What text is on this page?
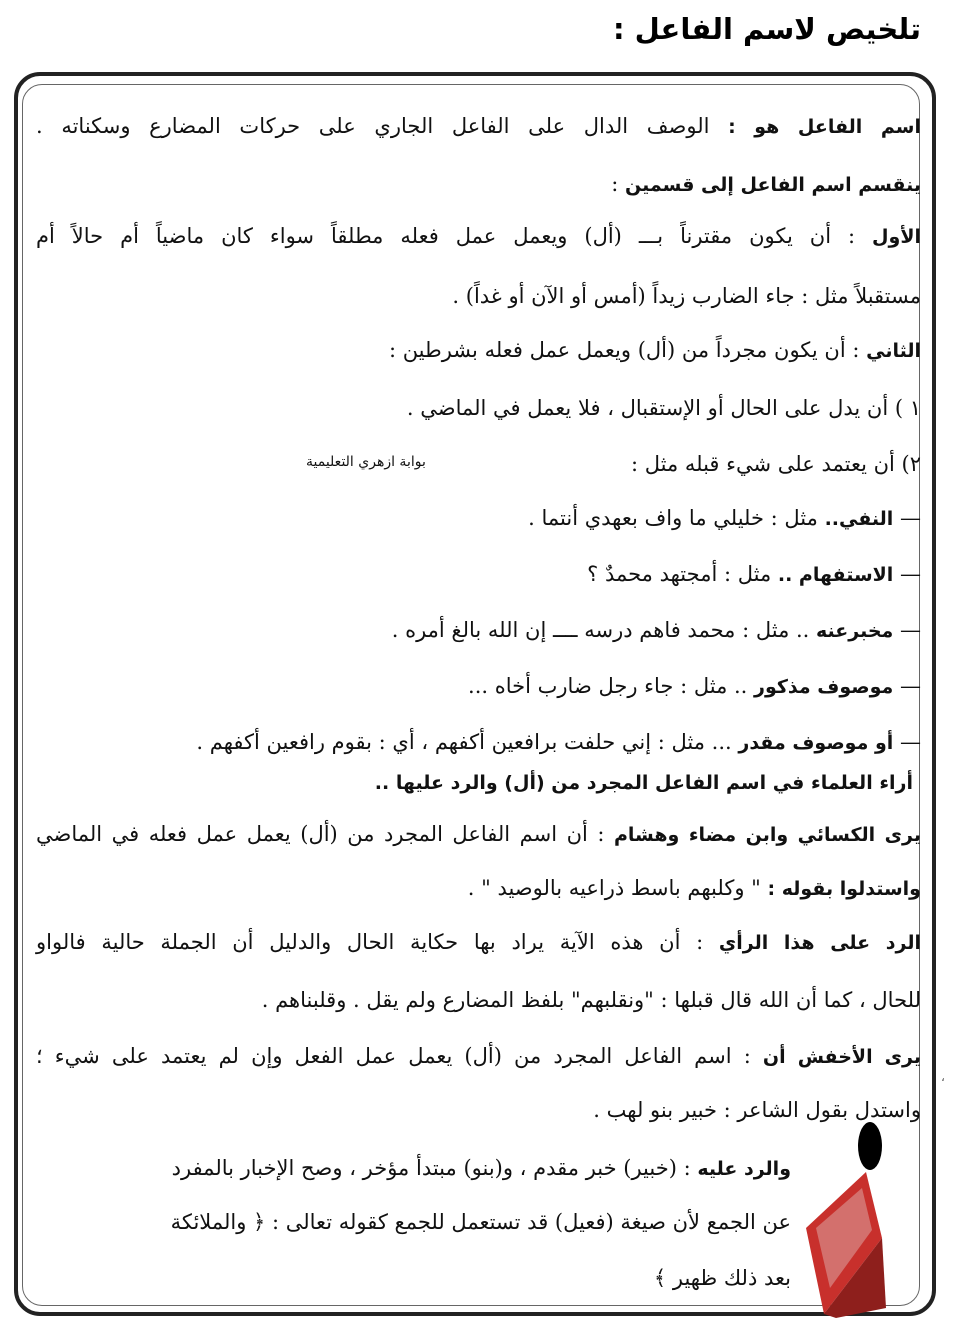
تلخيص لاسم الفاعل :
اسم الفاعل هو : الوصف الدال على الفاعل الجاري على حركات المضارع وسكناته .
ينقسم اسم الفاعل إلى قسمين :
الأول : أن يكون مقترناً بـــ (أل) ويعمل عمل فعله مطلقاً سواء كان ماضياً أم حالاً أم
مستقبلاً مثل : جاء الضارب زيداً (أمس أو الآن أو غداً) .
الثاني : أن يكون مجرداً من (أل) ويعمل عمل فعله بشرطين :
١ ) أن يدل على الحال أو الإستقبال ، فلا يعمل في الماضي .
٢) أن يعتمد على شيء قبله مثل :
بوابة ازهري التعليمية
— النفي.. مثل : خليلي ما واف بعهدي أنتما .
— الاستفهام .. مثل : أمجتهد محمدٌ ؟
— مخبرعنه .. مثل : محمد فاهم درسه ــــ إن الله بالغ أمره .
— موصوف مذكور .. مثل : جاء رجل ضارب أخاه ...
— أو موصوف مقدر ... مثل : إني حلفت برافعين أكفهم ، أي : بقوم رافعين أكفهم .
أراء العلماء في اسم الفاعل المجرد من (أل) والرد عليها ..
يرى الكسائي وابن مضاء وهشام : أن اسم الفاعل المجرد من (أل) يعمل عمل فعله في الماضي
واستدلوا بقوله : " وكلبهم باسط ذراعيه بالوصيد " .
الرد على هذا الرأي : أن هذه الآية يراد بها حكاية الحال والدليل أن الجملة حالية فالواو
للحال ، كما أن الله قال قبلها : "ونقلبهم" بلفظ المضارع ولم يقل . وقلبناهم .
يرى الأخفش أن : اسم الفاعل المجرد من (أل) يعمل عمل الفعل وإن لم يعتمد على شيء ؛
واستدل بقول الشاعر : خبير بنو لهب .
والرد عليه : (خبير) خبر مقدم ، و(بنو) مبتدأ مؤخر ، وصح الإخبار بالمفرد
عن الجمع لأن صيغة (فعيل) قد تستعمل للجمع كقوله تعالى : ﴿ والملائكة
بعد ذلك ظهير ﴾
،
